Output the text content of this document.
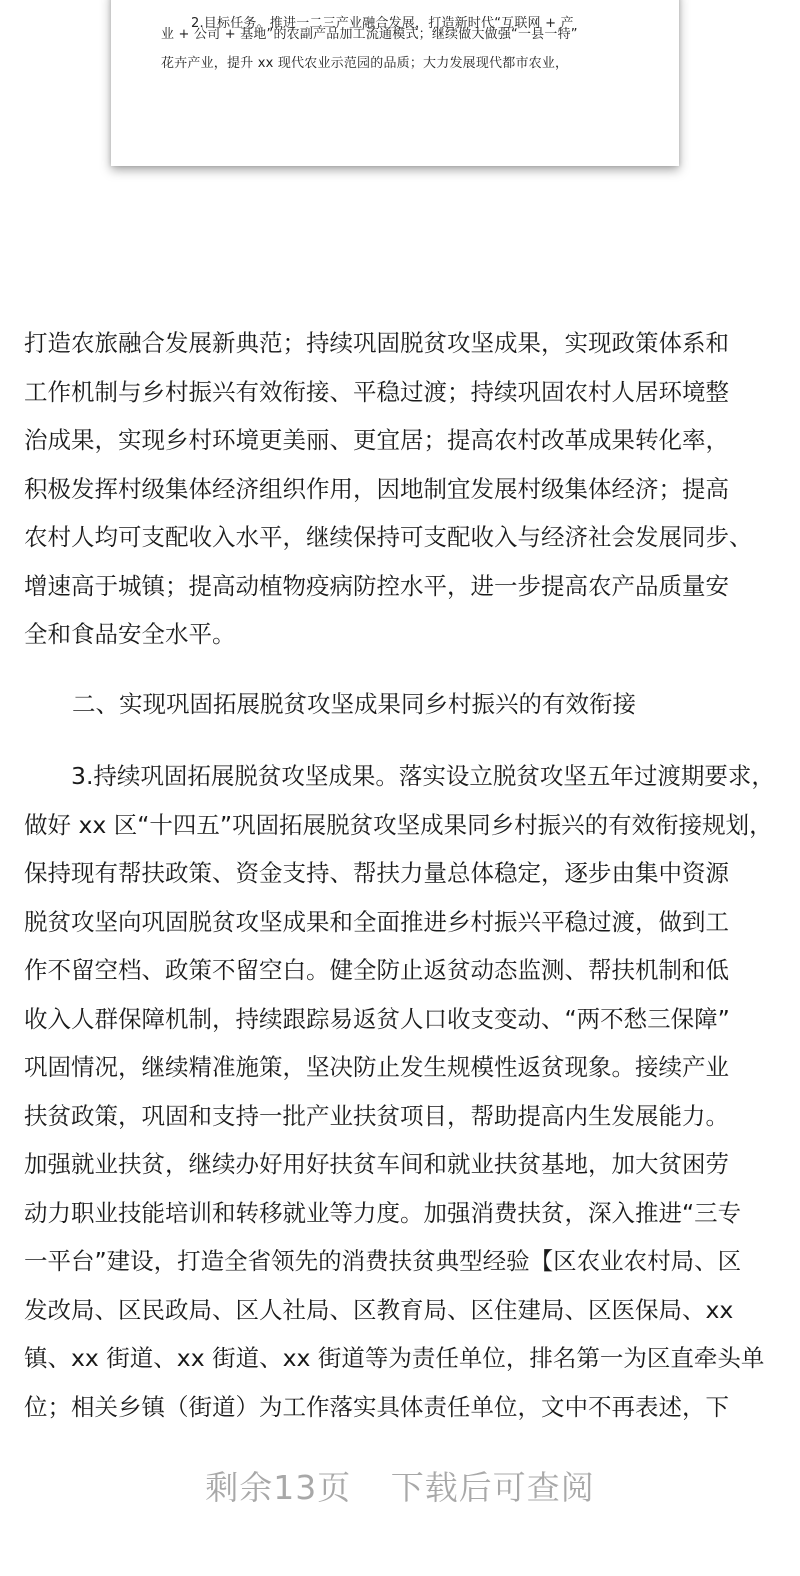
2.目标任务。推进一二三产业融合发展，打造新时代“互联网 + 产
业 + 公司 + 基地”的农副产品加工流通模式；继续做大做强“一县一特”
花卉产业，提升 xx 现代农业示范园的品质；大力发展现代都市农业，

打造农旅融合发展新典范；持续巩固脱贫攻坚成果，实现政策体系和

工作机制与乡村振兴有效衔接、平稳过渡；持续巩固农村人居环境整

治成果，实现乡村环境更美丽、更宜居；提高农村改革成果转化率，

积极发挥村级集体经济组织作用，因地制宜发展村级集体经济；提高

农村人均可支配收入水平，继续保持可支配收入与经济社会发展同步、

增速高于城镇；提高动植物疫病防控水平，进一步提高农产品质量安

全和食品安全水平。

二、实现巩固拓展脱贫攻坚成果同乡村振兴的有效衔接

　　3.持续巩固拓展脱贫攻坚成果。落实设立脱贫攻坚五年过渡期要求，

做好 xx 区“十四五”巩固拓展脱贫攻坚成果同乡村振兴的有效衔接规划，

保持现有帮扶政策、资金支持、帮扶力量总体稳定，逐步由集中资源

脱贫攻坚向巩固脱贫攻坚成果和全面推进乡村振兴平稳过渡，做到工

作不留空档、政策不留空白。健全防止返贫动态监测、帮扶机制和低

收入人群保障机制，持续跟踪易返贫人口收支变动、“两不愁三保障”

巩固情况，继续精准施策，坚决防止发生规模性返贫现象。接续产业

扶贫政策，巩固和支持一批产业扶贫项目，帮助提高内生发展能力。

加强就业扶贫，继续办好用好扶贫车间和就业扶贫基地，加大贫困劳

动力职业技能培训和转移就业等力度。加强消费扶贫，深入推进“三专

一平台”建设，打造全省领先的消费扶贫典型经验【区农业农村局、区

发改局、区民政局、区人社局、区教育局、区住建局、区医保局、xx

镇、xx 街道、xx 街道、xx 街道等为责任单位，排名第一为区直牵头单

位；相关乡镇（街道）为工作落实具体责任单位，文中不再表述，下

剩余13页 下载后可查阅
